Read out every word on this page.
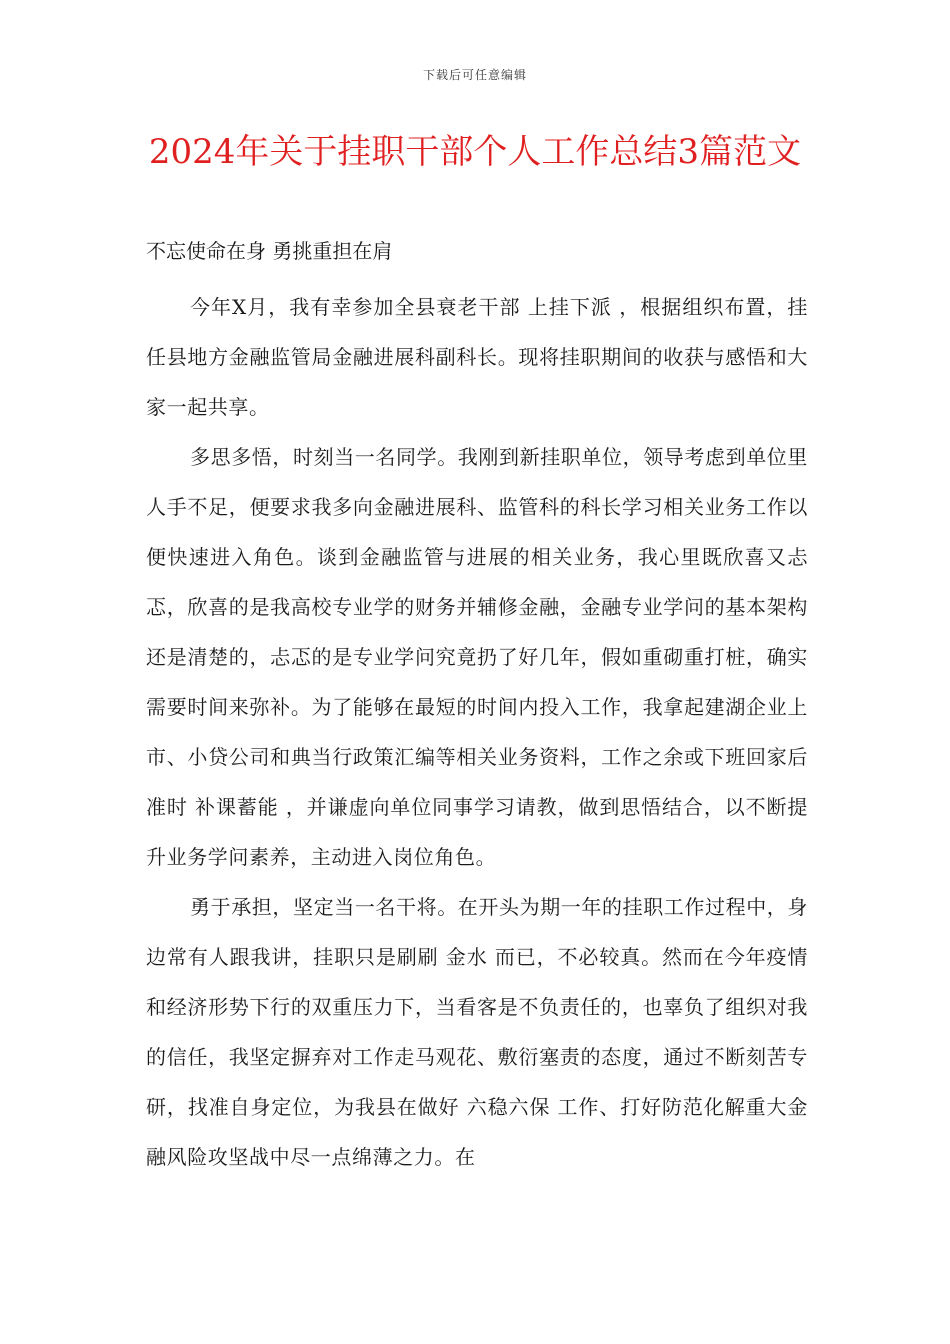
下载后可任意编辑
2024年关于挂职干部个人工作总结3篇范文

不忘使命在身 勇挑重担在肩

今年X月，我有幸参加全县衰老干部 上挂下派 ，根据组织布置，挂任县地方金融监管局金融进展科副科长。现将挂职期间的收获与感悟和大家一起共享。

多思多悟，时刻当一名同学。我刚到新挂职单位，领导考虑到单位里人手不足，便要求我多向金融进展科、监管科的科长学习相关业务工作以便快速进入角色。谈到金融监管与进展的相关业务，我心里既欣喜又忐忑，欣喜的是我高校专业学的财务并辅修金融，金融专业学问的基本架构还是清楚的，忐忑的是专业学问究竟扔了好几年，假如重砌重打桩，确实需要时间来弥补。为了能够在最短的时间内投入工作，我拿起建湖企业上市、小贷公司和典当行政策汇编等相关业务资料，工作之余或下班回家后准时 补课蓄能 ，并谦虚向单位同事学习请教，做到思悟结合，以不断提升业务学问素养，主动进入岗位角色。

勇于承担，坚定当一名干将。在开头为期一年的挂职工作过程中，身边常有人跟我讲，挂职只是刷刷 金水 而已，不必较真。然而在今年疫情和经济形势下行的双重压力下，当看客是不负责任的，也辜负了组织对我的信任，我坚定摒弃对工作走马观花、敷衍塞责的态度，通过不断刻苦专研，找准自身定位，为我县在做好 六稳六保 工作、打好防范化解重大金融风险攻坚战中尽一点绵薄之力。在
